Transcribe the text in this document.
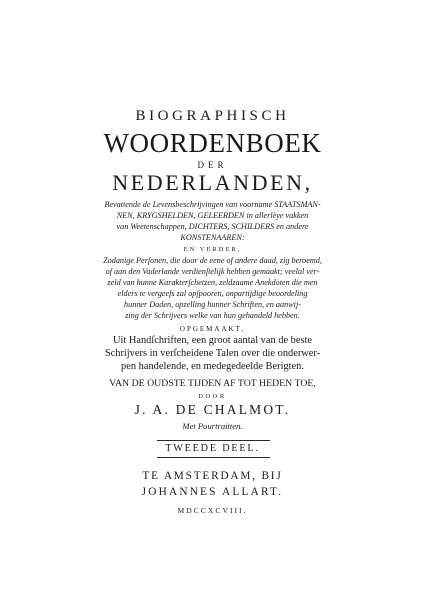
BIOGRAPHISCH
WOORDENBOEK
DER
NEDERLANDEN,
Bevattende de Levensbeschrijvingen van voorname STAATSMAN-
NEN, KRYGSHELDEN, GELEERDEN in allerlèye vakken
van Weetenschappen, DICHTERS, SCHILDERS en andere
KONSTENAAREN:
EN VERDER,
Zodanige Perſonen, die door de eene of andere daad, zig beroemd,
of aan den Vaderlande verdienſtelijk hebben gemaakt; veelal ver-
zeld van hunne Karakterſchetzen, zeldzaame Anekdoten die men
elders te vergeefs zal opſpooren, onpartijdige beoordeling
hunner Daden, opzelling hunner Schriften, en aanwij-
zing der Schrijvers welke van hun gehandeld hebben.
OPGEMAAKT,
Uit Handſchriften, een groot aantal van de beste
Schrijvers in verſcheidene Talen over die onderwer-
pen handelende, en medegedeelde Berigten.
VAN DE OUDSTE TIJDEN AF TOT HEDEN TOE,
DOOR
J. A. DE CHALMOT.
Met Pourtraitten.
TWEEDE DEEL.
TE AMSTERDAM, BIJ
JOHANNES ALLART.
MDCCXCVIII.
